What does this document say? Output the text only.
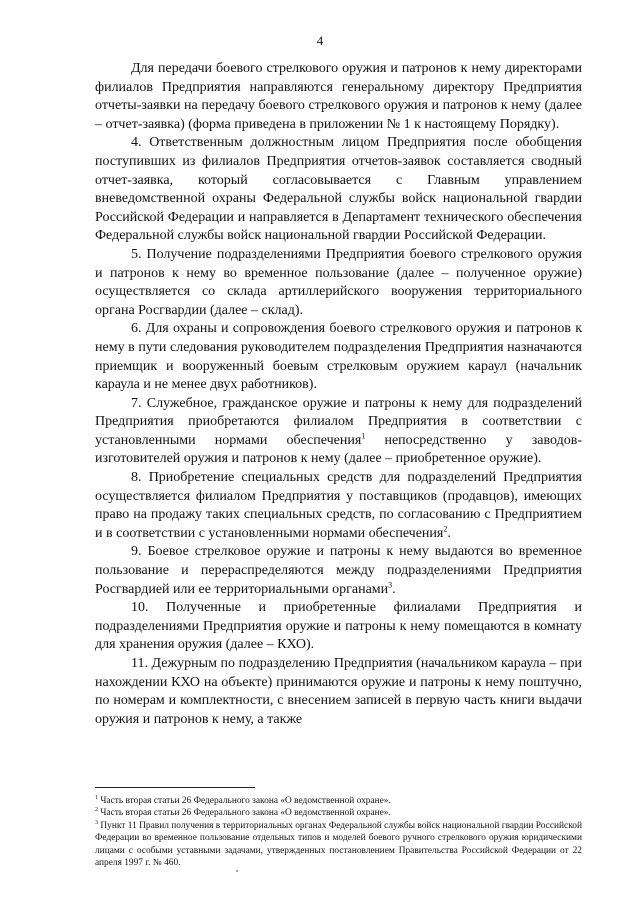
4

Для передачи боевого стрелкового оружия и патронов к нему директорами филиалов Предприятия направляются генеральному директору Предприятия отчеты-заявки на передачу боевого стрелкового оружия и патронов к нему (далее – отчет-заявка) (форма приведена в приложении № 1 к настоящему Порядку).

4. Ответственным должностным лицом Предприятия после обобщения поступивших из филиалов Предприятия отчетов-заявок составляется сводный отчет-заявка, который согласовывается с Главным управлением вневедомственной охраны Федеральной службы войск национальной гвардии Российской Федерации и направляется в Департамент технического обеспечения Федеральной службы войск национальной гвардии Российской Федерации.

5. Получение подразделениями Предприятия боевого стрелкового оружия и патронов к нему во временное пользование (далее – полученное оружие) осуществляется со склада артиллерийского вооружения территориального органа Росгвардии (далее – склад).

6. Для охраны и сопровождения боевого стрелкового оружия и патронов к нему в пути следования руководителем подразделения Предприятия назначаются приемщик и вооруженный боевым стрелковым оружием караул (начальник караула и не менее двух работников).

7. Служебное, гражданское оружие и патроны к нему для подразделений Предприятия приобретаются филиалом Предприятия в соответствии с установленными нормами обеспечения$^1$ непосредственно у заводов-изготовителей оружия и патронов к нему (далее – приобретенное оружие).

8. Приобретение специальных средств для подразделений Предприятия осуществляется филиалом Предприятия у поставщиков (продавцов), имеющих право на продажу таких специальных средств, по согласованию с Предприятием и в соответствии с установленными нормами обеспечения$^2$.

9. Боевое стрелковое оружие и патроны к нему выдаются во временное пользование и перераспределяются между подразделениями Предприятия Росгвардией или ее территориальными органами$^3$.

10. Полученные и приобретенные филиалами Предприятия и подразделениями Предприятия оружие и патроны к нему помещаются в комнату для хранения оружия (далее – КХО).

11. Дежурным по подразделению Предприятия (начальником караула – при нахождении КХО на объекте) принимаются оружие и патроны к нему поштучно, по номерам и комплектности, с внесением записей в первую часть книги выдачи оружия и патронов к нему, а также

$^1$ Часть вторая статьи 26 Федерального закона «О ведомственной охране».

$^2$ Часть вторая статьи 26 Федерального закона «О ведомственной охране».

$^3$ Пункт 11 Правил получения в территориальных органах Федеральной службы войск национальной гвардии Российской Федерации во временное пользование отдельных типов и моделей боевого ручного стрелкового оружия юридическими лицами с особыми уставными задачами, утвержденных постановлением Правительства Российской Федерации от 22 апреля 1997 г. № 460.
